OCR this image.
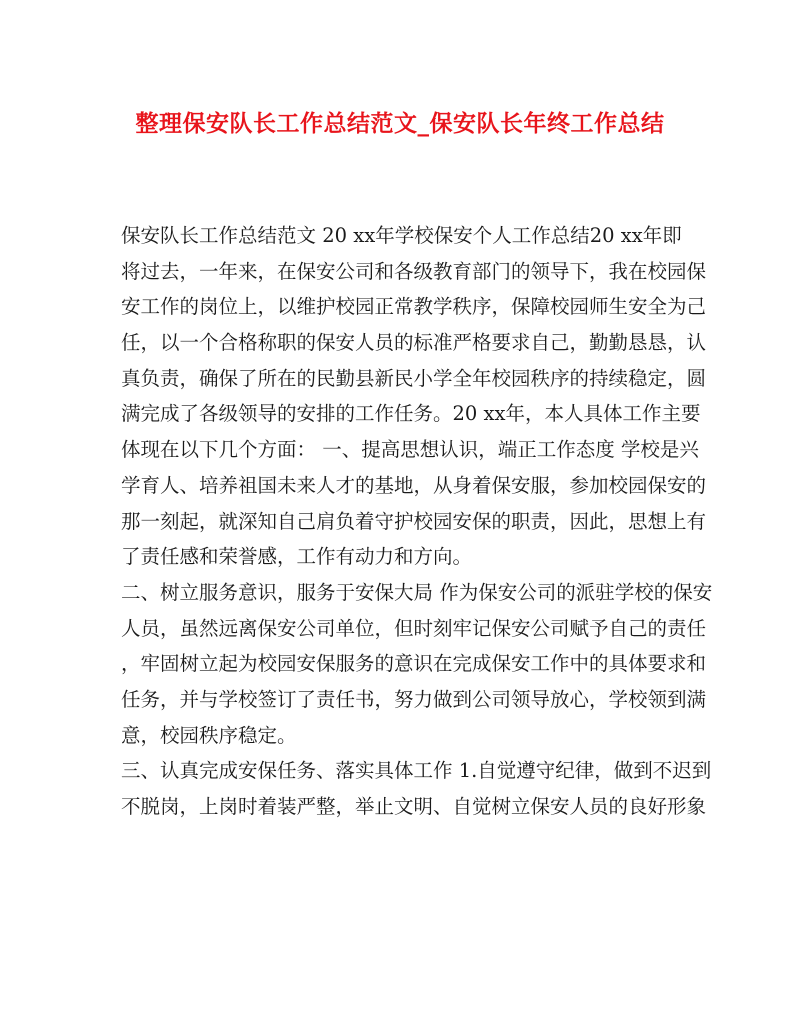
整理保安队长工作总结范文_保安队长年终工作总结
保安队长工作总结范文 20 xx年学校保安个人工作总结20 xx年即
将过去，一年来，在保安公司和各级教育部门的领导下，我在校园保
安工作的岗位上，以维护校园正常教学秩序，保障校园师生安全为己
任，以一个合格称职的保安人员的标准严格要求自己，勤勤恳恳，认
真负责，确保了所在的民勤县新民小学全年校园秩序的持续稳定，圆
满完成了各级领导的安排的工作任务。20 xx年，本人具体工作主要
体现在以下几个方面： 一、提高思想认识，端正工作态度 学校是兴
学育人、培养祖国未来人才的基地，从身着保安服，参加校园保安的
那一刻起，就深知自己肩负着守护校园安保的职责，因此，思想上有
了责任感和荣誉感，工作有动力和方向。
二、树立服务意识，服务于安保大局 作为保安公司的派驻学校的保安
人员，虽然远离保安公司单位，但时刻牢记保安公司赋予自己的责任
，牢固树立起为校园安保服务的意识在完成保安工作中的具体要求和
任务，并与学校签订了责任书，努力做到公司领导放心，学校领到满
意，校园秩序稳定。
三、认真完成安保任务、落实具体工作 1.自觉遵守纪律，做到不迟到
不脱岗，上岗时着装严整，举止文明、自觉树立保安人员的良好形象
